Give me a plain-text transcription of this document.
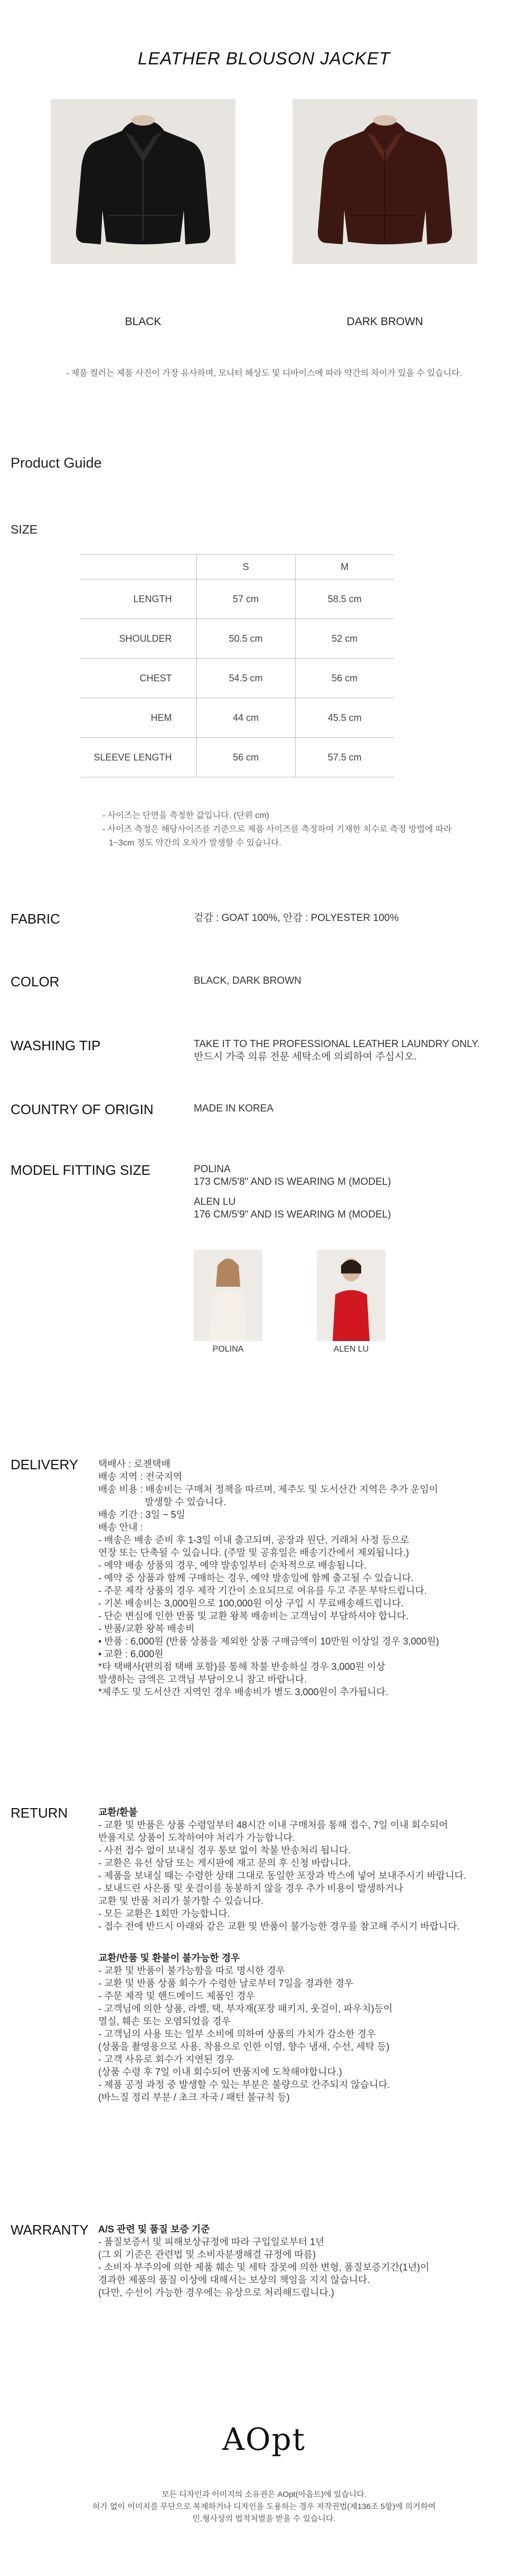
LEATHER BLOUSON JACKET
BLACK	DARK BROWN
- 제품 컬러는 제품 사진이 가장 유사하며, 모니터 해상도 및 디바이스에 따라 약간의 차이가 있을 수 있습니다.
Product Guide
SIZE
	S	M
LENGTH	57 cm	58.5 cm
SHOULDER	50.5 cm	52 cm
CHEST	54.5 cm	56 cm
HEM	44 cm	45.5 cm
SLEEVE LENGTH	56 cm	57.5 cm
- 사이즈는 단면을 측정한 값입니다. (단위 cm)
- 사이즈 측정은 해당사이즈를 기준으로 제품 사이즈를 측정하여 기재한 치수로 측정 방법에 따라
1~3cm 정도 약간의 오차가 발생할 수 있습니다.
FABRIC	겉감 : GOAT 100%, 안감 : POLYESTER 100%
COLOR	BLACK, DARK BROWN
WASHING TIP	TAKE IT TO THE PROFESSIONAL LEATHER LAUNDRY ONLY.
반드시 가죽 의류 전문 세탁소에 의뢰하여 주십시오.
COUNTRY OF ORIGIN	MADE IN KOREA
MODEL FITTING SIZE	POLINA
173 CM/5'8" AND IS WEARING M (MODEL)
ALEN LU
176 CM/5'9" AND IS WEARING M (MODEL)
POLINA	ALEN LU
DELIVERY 택배사 : 로젠택배
배송 지역 : 전국지역
배송 비용 : 배송비는 구매처 정책을 따르며, 제주도 및 도서산간 지역은 추가 운임이
발생할 수 있습니다.
배송 기간 : 3일 ~ 5일
배송 안내 :
- 배송은 배송 준비 후 1-3일 이내 출고되며, 공장과 원단, 거래처 사정 등으로
연장 또는 단축될 수 있습니다. (주말 및 공휴일은 배송기간에서 제외됩니다.)
- 예약 배송 상품의 경우, 예약 발송일부터 순차적으로 배송됩니다.
- 예약 중 상품과 함께 구매하는 경우, 예약 발송일에 함께 출고될 수 있습니다.
- 주문 제작 상품의 경우 제작 기간이 소요되므로 여유를 두고 주문 부탁드립니다.
- 기본 배송비는 3,000원으로 100,000원 이상 구입 시 무료배송해드립니다.
- 단순 변심에 인한 반품 및 교환 왕복 배송비는 고객님이 부담하셔야 합니다.
- 반품/교환 왕복 배송비
• 반품 : 6,000원 (반품 상품을 제외한 상품 구매금액이 10만원 이상일 경우 3,000원)
• 교환 : 6,000원
*타 택배사(편의점 택배 포함)를 통해 착불 반송하실 경우 3,000원 이상
발생하는 금액은 고객님 부담이오니 참고 바랍니다.
*제주도 및 도서산간 지역인 경우 배송비가 별도 3,000원이 추가됩니다.
RETURN	교환/환불
- 교환 및 반품은 상품 수령일부터 48시간 이내 구매처를 통해 접수, 7일 이내 회수되어
반품지로 상품이 도착하여야 처리가 가능합니다.
- 사전 접수 없이 보내실 경우 통보 없이 착불 반송처리 됩니다.
- 교환은 유선 상담 또는 게시판에 재고 문의 후 신청 바랍니다.
- 제품을 보내실 때는 수령한 상태 그대로 동일한 포장과 박스에 넣어 보내주시기 바랍니다.
- 보내드린 사은품 및 웃걸이를 동봉하지 않을 경우 추가 비용이 발생하거나
교환 및 반품 처리가 불가할 수 있습니다.
- 모든 교환은 1회만 가능합니다.
- 접수 전에 반드시 아래와 같은 교환 및 반품이 불가능한 경우를 참고해 주시기 바랍니다.
교환/반품 및 환불이 불가능한 경우
- 교환 및 반품이 불가능함을 따로 명시한 경우
- 교환 및 반품 상품 회수가 수령한 날로부터 7일을 경과한 경우
- 주문 제작 및 핸드메이드 제품인 경우
- 고객님에 의한 상품, 라벨, 택, 부자재(포장 패키지, 웃걸이, 파우치)등이
멸실, 훼손 또는 오염되었을 경우
- 고객님의 사용 또는 일부 소비에 의하여 상품의 가치가 감소한 경우
(상품을 촬영용으로 사용, 착용으로 인한 이염, 향수 냄새, 수선, 세탁 등)
- 고객 사유로 회수가 지연된 경우
(상품 수령 후 7일 이내 회수되어 반품지에 도착해야합니다.)
- 제품 공정 과정 중 발생할 수 있는 부분은 불량으로 간주되지 않습니다.
(바느질 정리 부분 / 초크 자국 / 패턴 불규칙 등)
WARRANTY A/S 관련 및 품질 보증 기준
- 품질보증서 및 피해보상규정에 따라 구입일로부터 1년
(그 외 기준은 관련법 및 소비자분쟁해결 규정에 따름)
- 소비자 부주의에 의한 제품 훼손 및 세탁 잘못에 의한 변형, 품질보증기간(1년)이
경과한 제품의 품질 이상에 대해서는 보상의 책임을 지지 않습니다.
(다만, 수선이 가능한 경우에는 유상으로 처리해드립니다.)
AOpt
모든 디자인과 이미지의 소유권은 AOpt(아옵트)에 있습니다.
허가 없이 이미지를 무단으로 복제하거나 디자인을 도용하는 경우 저작권법(제136조 5항)에 의거하여
민,형사상의 법적처벌을 받을 수 있습니다.
